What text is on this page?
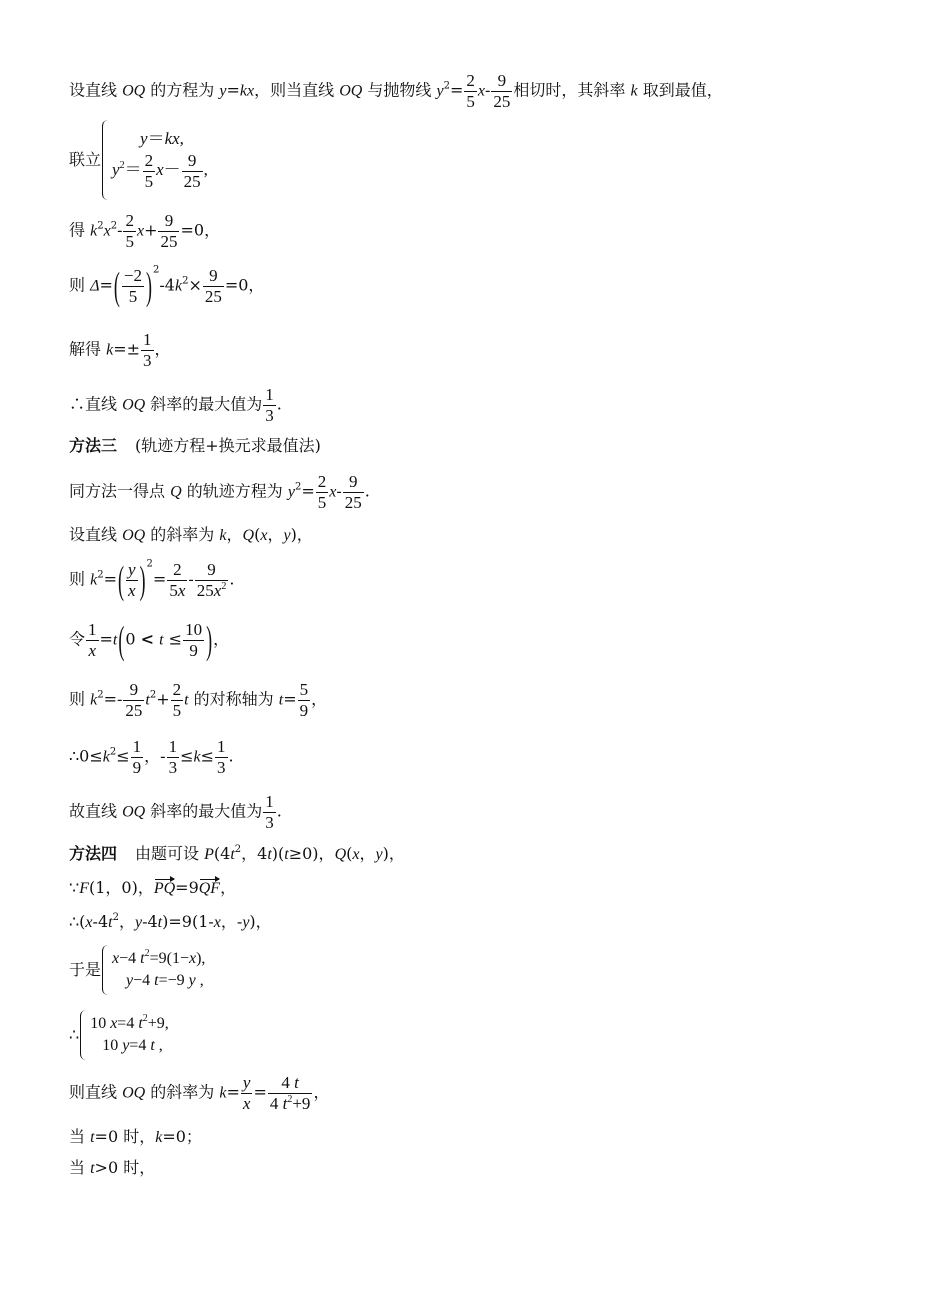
设直线 OQ 的方程为 y=kx，则当直线 OQ 与抛物线 $y^2= \frac{2}{5} x- \frac{9}{25}$ 相切时，其斜率 k 取到最值，
联立
y＝kx,
$y^2= \frac{2}{5} x- \frac{9}{25}$ ,
得 $k^2x^2- \frac{2}{5} x+ \frac{9}{25} =0$，
则 $\Delta=( \frac{-2}{5} )^2-4k^2\times \frac{9}{25} =0$，
解得 $k=\pm \frac{1}{3}$ ，
∴直线 OQ 斜率的最大值为 $\frac{1}{3}$ .
方法三 (轨迹方程+换元求最值法)
同方法一得点 Q 的轨迹方程为 $y^2= \frac{2}{5} x- \frac{9}{25}$ .
设直线 OQ 的斜率为 k，Q(x，y)，
则 $k^2=( \frac{y}{x} )^2= \frac{2}{5x} - \frac{9}{25x^2}$ .
令 $\frac{1}{x} =t(0 < t \le \frac{10}{9}$ )，
则 $k^2=- \frac{9}{25} t^2+ \frac{2}{5}$ t 的对称轴为 $t= \frac{5}{9}$ ，
$\therefore 0\le k^2\le \frac{1}{9}$ ，- $\frac{1}{3} \le k\le \frac{1}{3}$ .
故直线 OQ 斜率的最大值为 $\frac{1}{3}$ .
方法四 由题可设 $P(4t^2$，4t)(t≥0)，Q(x，y)，
∵F(1，0)，PQ=9QF，
$\therefore(x-4t^2$，y-4t)=9(1-x，-y)，
于是
x−4 $t^2=9(1-x)$,
y−4 t=−9 y ,
∴
10 x=4 $t^2+9$,
10 y=4 t ,
则直线 OQ 的斜率为 $k= \frac{y}{x} = \frac{4 t}{4 t^2+9}$ ，
当 t=0 时，k=0；
当 t>0 时，
